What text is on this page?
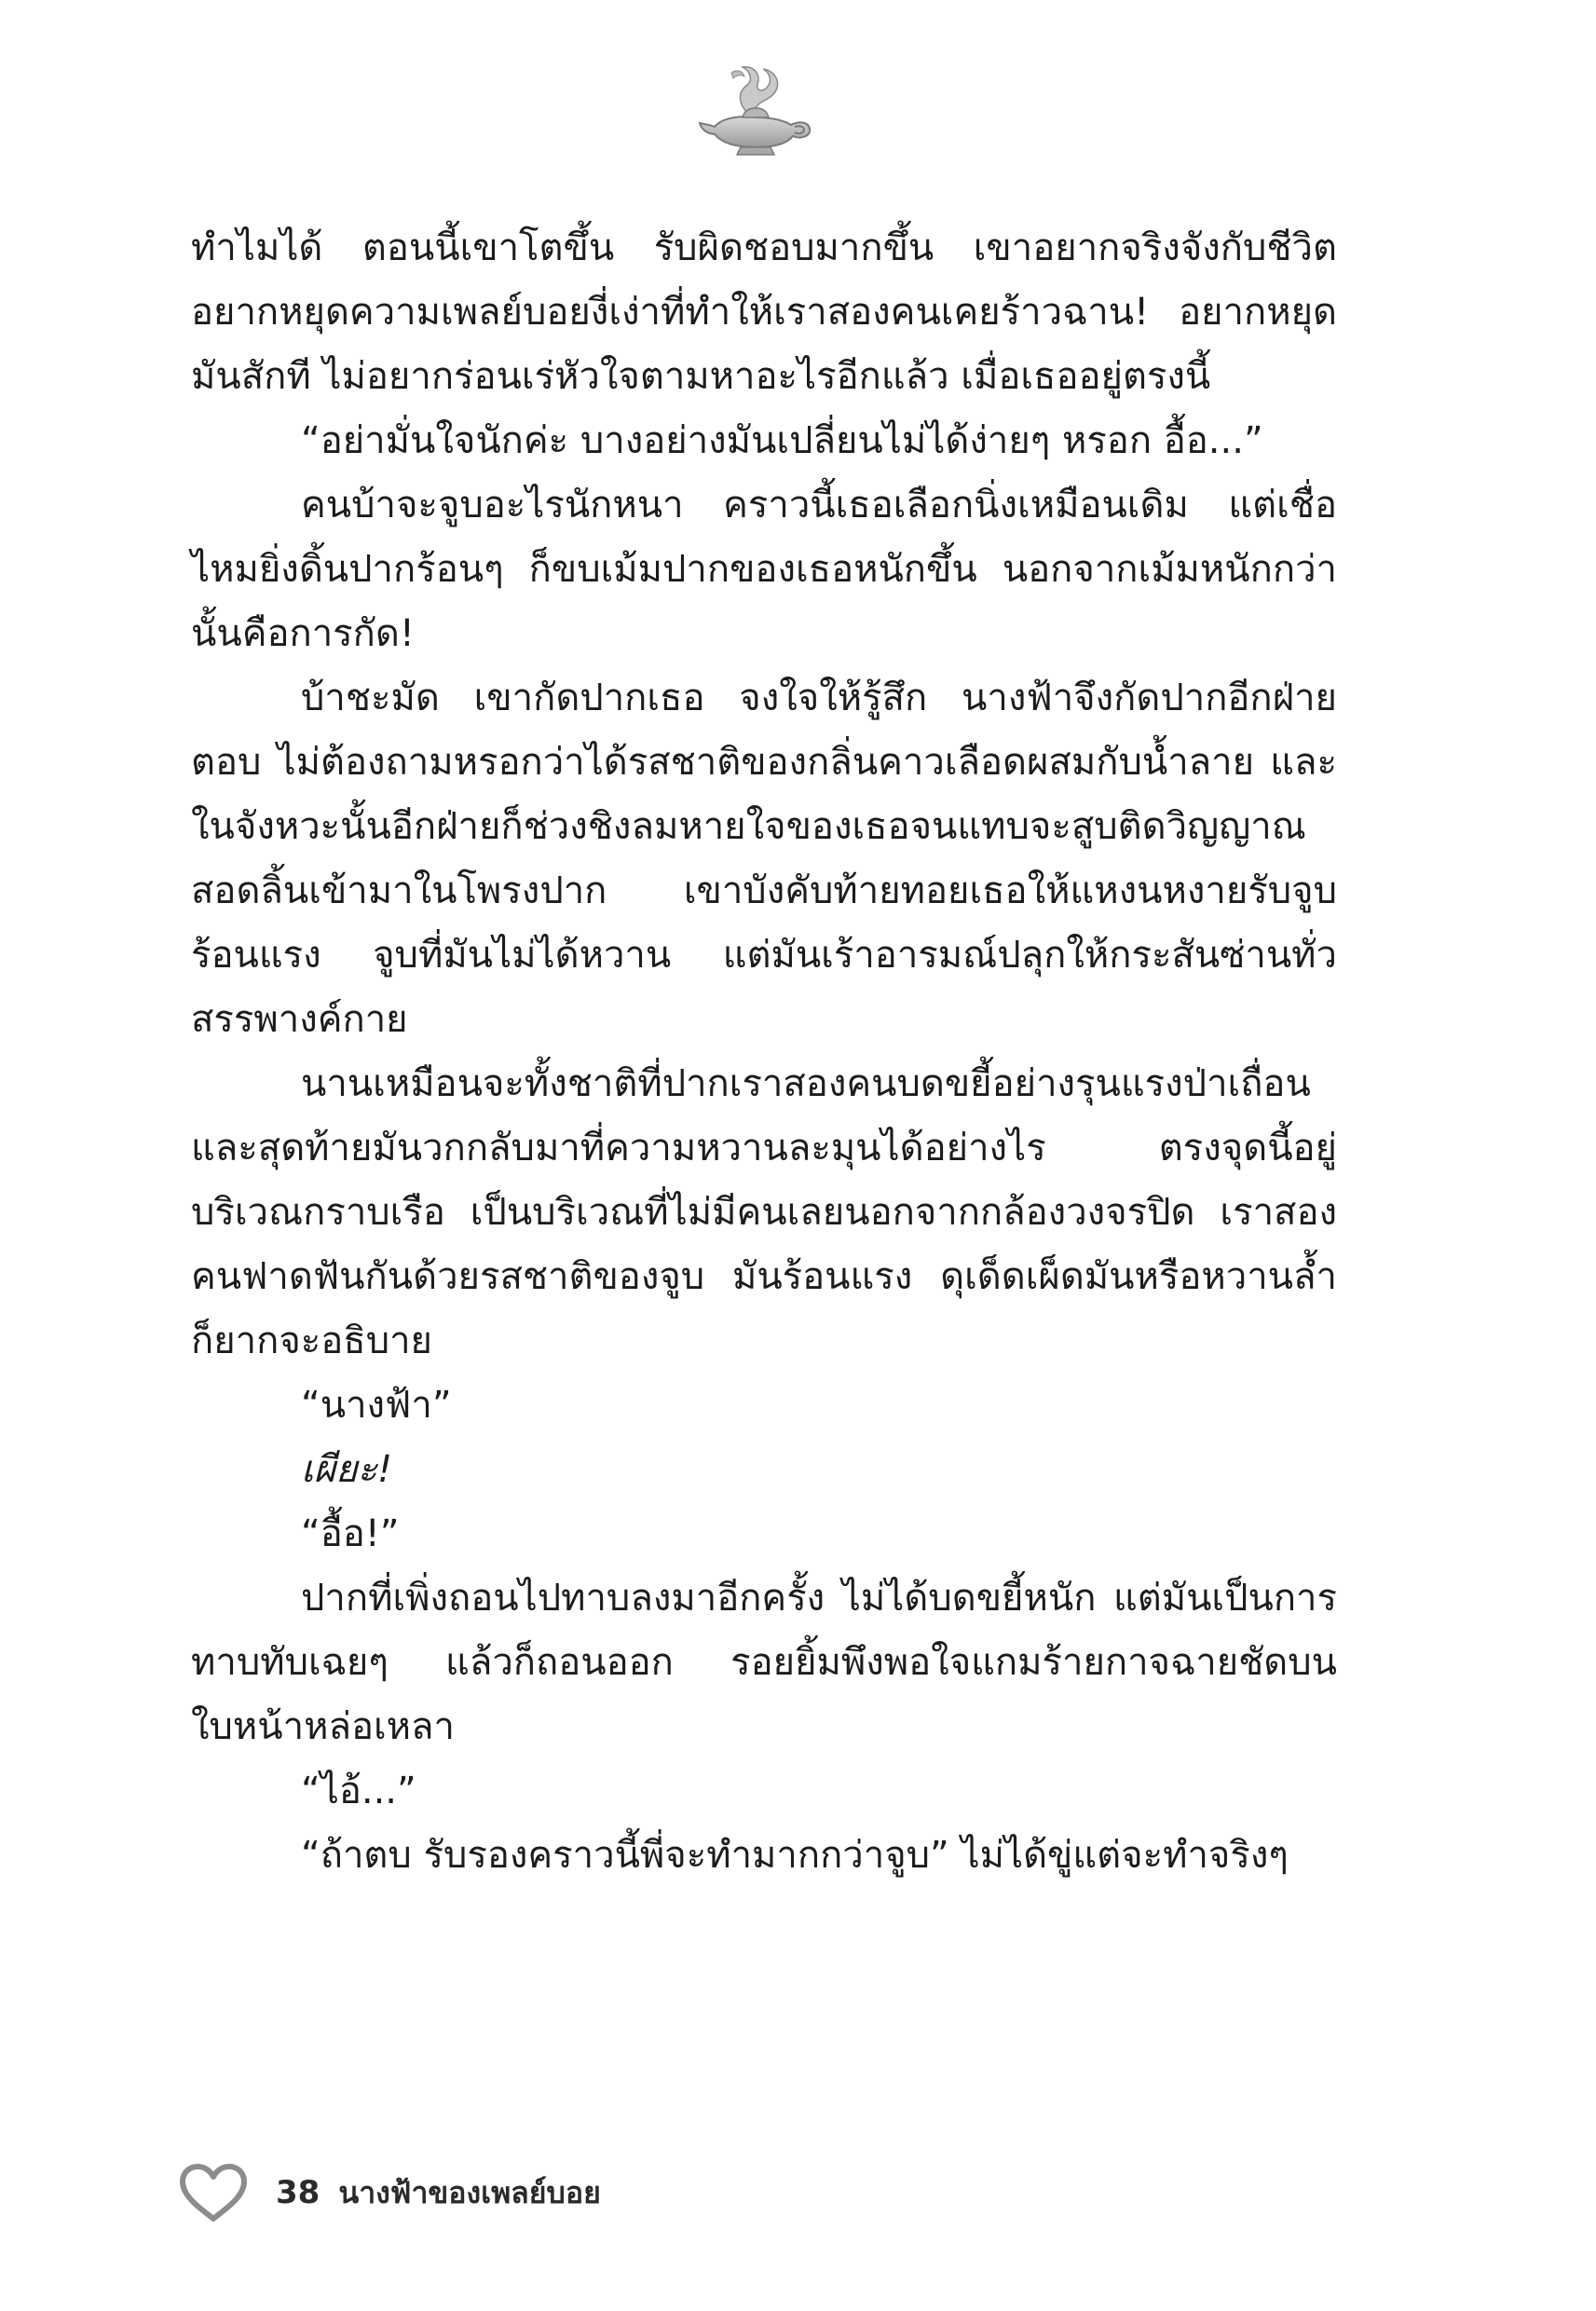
ทำไมได้ ตอนนี้เขาโตขึ้น รับผิดชอบมากขึ้น เขาอยากจริงจังกับชีวิต อยากหยุดความเพลย์บอยงี่เง่าที่ทำให้เราสองคนเคยร้าวฉาน! อยากหยุดมันสักที ไม่อยากร่อนเร่หัวใจตามหาอะไรอีกแล้ว เมื่อเธออยู่ตรงนี้

“อย่ามั่นใจนักค่ะ บางอย่างมันเปลี่ยนไม่ได้ง่ายๆ หรอก อื้อ...”

คนบ้าจะจูบอะไรนักหนา คราวนี้เธอเลือกนิ่งเหมือนเดิม แต่เชื่อไหมยิ่งดิ้นปากร้อนๆ ก็ขบเม้มปากของเธอหนักขึ้น นอกจากเม้มหนักกว่านั้นคือการกัด!

บ้าชะมัด เขากัดปากเธอ จงใจให้รู้สึก นางฟ้าจึงกัดปากอีกฝ่ายตอบ ไม่ต้องถามหรอกว่าได้รสชาติของกลิ่นคาวเลือดผสมกับน้ำลาย และในจังหวะนั้นอีกฝ่ายก็ช่วงชิงลมหายใจของเธอจนแทบจะสูบติดวิญญาณ สอดลิ้นเข้ามาในโพรงปาก เขาบังคับท้ายทอยเธอให้แหงนหงายรับจูบร้อนแรง จูบที่มันไม่ได้หวาน แต่มันเร้าอารมณ์ปลุกให้กระสันซ่านทั่วสรรพางค์กาย

นานเหมือนจะทั้งชาติที่ปากเราสองคนบดขยี้อย่างรุนแรงป่าเถื่อน และสุดท้ายมันวกกลับมาที่ความหวานละมุนได้อย่างไร ตรงจุดนี้อยู่บริเวณกราบเรือ เป็นบริเวณที่ไม่มีคนเลยนอกจากกล้องวงจรปิด เราสองคนฟาดฟันกันด้วยรสชาติของจูบ มันร้อนแรง ดุเด็ดเผ็ดมันหรือหวานล้ำ ก็ยากจะอธิบาย

“นางฟ้า”

เผียะ!

“อื้อ!”

ปากที่เพิ่งถอนไปทาบลงมาอีกครั้ง ไม่ได้บดขยี้หนัก แต่มันเป็นการทาบทับเฉยๆ แล้วก็ถอนออก รอยยิ้มพึงพอใจแกมร้ายกาจฉายชัดบนใบหน้าหล่อเหลา

“ไอ้...”

“ถ้าตบ รับรองคราวนี้พี่จะทำมากกว่าจูบ” ไม่ได้ขู่แต่จะทำจริงๆ

38 นางฟ้าของเพลย์บอย
